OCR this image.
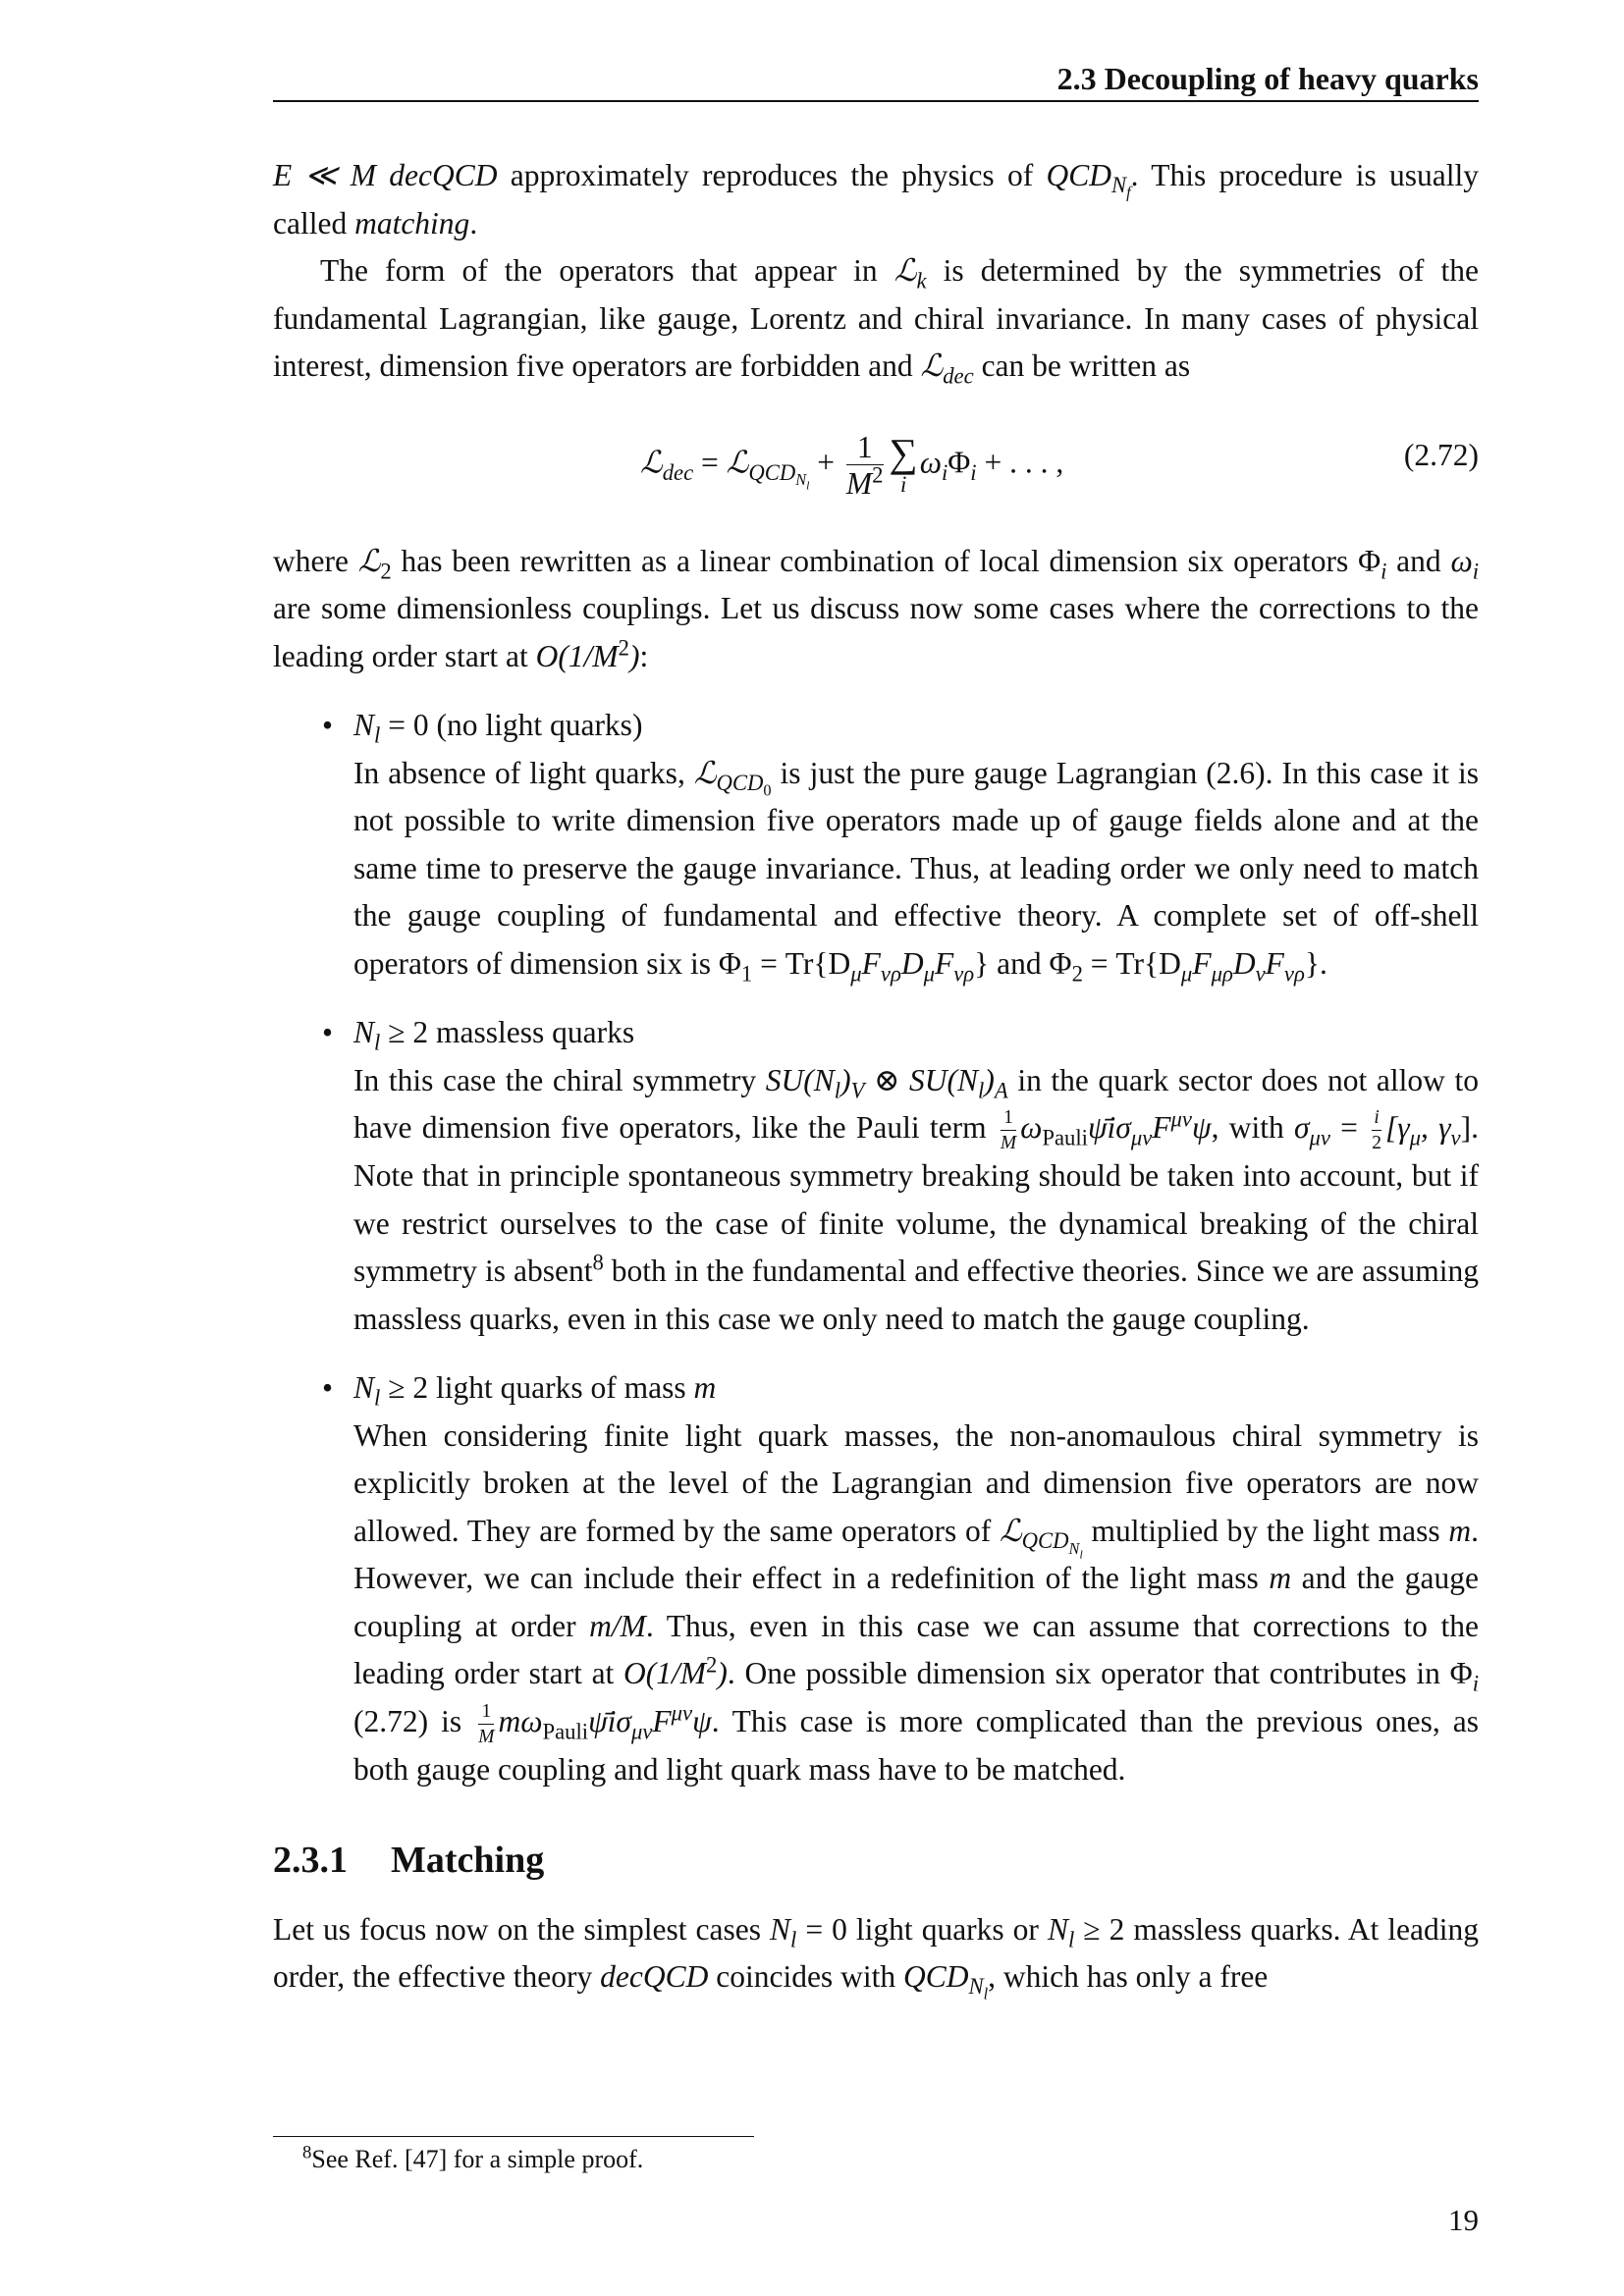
2.3 Decoupling of heavy quarks

E ≪ M decQCD approximately reproduces the physics of $QCD_{N_f}$. This procedure is usually called matching.

The form of the operators that appear in ℒ$_k$ is determined by the symmetries of the fundamental Lagrangian, like gauge, Lorentz and chiral invariance. In many cases of physical interest, dimension five operators are forbidden and ℒ$_{dec}$ can be written as

ℒ$_{dec}$ = ℒ$_{QCD_{N_l}}$ + $\frac{1}{M^2}$ ∑
i
$\omega_i\Phi_i$ + . . . ,	(2.72)

where ℒ$_2$ has been rewritten as a linear combination of local dimension six operators $\Phi_i$ and $\omega_i$ are some dimensionless couplings. Let us discuss now some cases where the corrections to the leading order start at $O(1/M^2)$:

• $N_l = 0$ (no light quarks)

In absence of light quarks, ℒ$_{QCD_0}$ is just the pure gauge Lagrangian (2.6). In this case it is not possible to write dimension five operators made up of gauge fields alone and at the same time to preserve the gauge invariance. Thus, at leading order we only need to match the gauge coupling of fundamental and effective theory. A complete set of off-shell operators of dimension six is $\Phi_1 = Tr\{D_\mu F_{\nu\rho}D_\mu F_{\nu\rho}\}$ and $\Phi_2 = Tr\{D_\mu F_{\mu\rho}D_\nu F_{\nu\rho}\}$.

• $N_l \ge 2$ massless quarks

In this case the chiral symmetry $SU(N_l)_V$ ⊗ $SU(N_l)_A$ in the quark sector does not allow to have dimension five operators, like the Pauli term $\frac{1}{M}$ $\omega_{Pauli}\psīi\sigma_{\mu\nu}F^{\mu\nu}\psi$, with $\sigma_{\mu\nu} = \frac{i}{2} [\gamma_\mu$, $\gamma_\nu$]. Note that in principle spontaneous symmetry breaking should be taken into account, but if we restrict ourselves to the case of finite volume, the dynamical breaking of the chiral symmetry is absent$^8$ both in the fundamental and effective theories. Since we are assuming massless quarks, even in this case we only need to match the gauge coupling.

• $N_l \ge 2$ light quarks of mass m

When considering finite light quark masses, the non-anomaulous chiral symmetry is explicitly broken at the level of the Lagrangian and dimension five operators are now allowed. They are formed by the same operators of ℒ$_{QCD_{N_l}}$ multiplied by the light mass m. However, we can include their effect in a redefinition of the light mass m and the gauge coupling at order m/M. Thus, even in this case we can assume that corrections to the leading order start at $O(1/M^2)$. One possible dimension six operator that contributes in $\Phi_i$ (2.72) is $\frac{1}{M}$ $m\omega_{Pauli}\psīi\sigma_{\mu\nu}F^{\mu\nu}\psi$. This case is more complicated than the previous ones, as both gauge coupling and light quark mass have to be matched.

2.3.1 Matching

Let us focus now on the simplest cases $N_l = 0$ light quarks or $N_l \ge 2$ massless quarks. At leading order, the effective theory decQCD coincides with $QCD_{N_l}$, which has only a free

$^8$See Ref. [47] for a simple proof.
19
